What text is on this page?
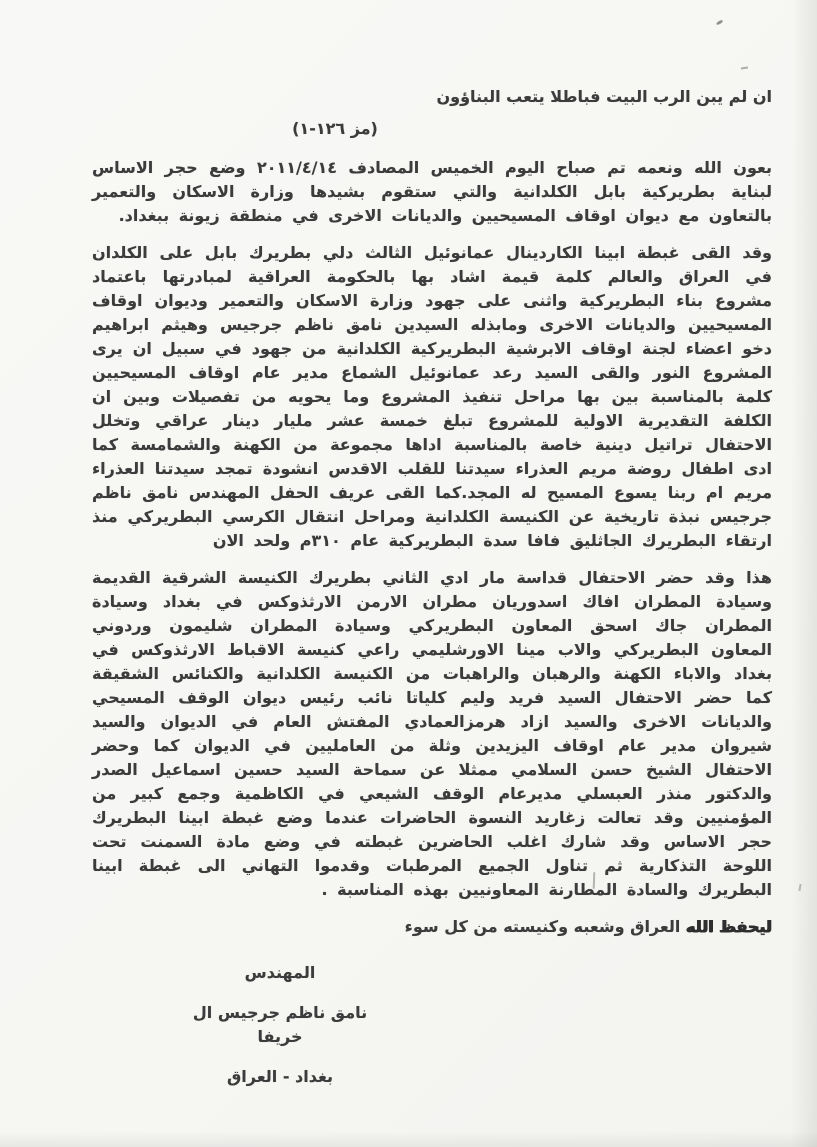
ان لم يبن الرب البيت فباطلا يتعب البناؤون
(مز ١٢٦-١)

بعون الله ونعمه تم صباح اليوم الخميس المصادف ٢٠١١/٤/١٤ وضع حجر الاساس لبناية بطريركية بابل الكلدانية والتي ستقوم بشيدها وزارة الاسكان والتعمير بالتعاون مع ديوان اوقاف المسيحيين والديانات الاخرى في منطقة زيونة ببغداد.

وقد القى غبطة ابينا الكاردينال عمانوئيل الثالث دلي بطريرك بابل على الكلدان في العراق والعالم كلمة قيمة اشاد بها بالحكومة العراقية لمبادرتها باعتماد مشروع بناء البطريركية واثنى على جهود وزارة الاسكان والتعمير وديوان اوقاف المسيحيين والديانات الاخرى ومابذله السيدين نامق ناظم جرجيس وهيثم ابراهيم دخو اعضاء لجنة اوقاف الابرشية البطريركية الكلدانية من جهود في سبيل ان يرى المشروع النور والقى السيد رعد عمانوئيل الشماع مدير عام اوقاف المسيحيين كلمة بالمناسبة بين بها مراحل تنفيذ المشروع وما يحويه من تفصيلات وبين ان الكلفة التقديرية الاولية للمشروع تبلغ خمسة عشر مليار دينار عراقي وتخلل الاحتفال تراتيل دينية خاصة بالمناسبة اداها مجموعة من الكهنة والشمامسة كما ادى اطفال روضة مريم العذراء سيدتنا للقلب الاقدس انشودة تمجد سيدتنا العذراء مريم ام ربنا يسوع المسيح له المجد.كما القى عريف الحفل المهندس نامق ناظم جرجيس نبذة تاريخية عن الكنيسة الكلدانية ومراحل انتقال الكرسي البطريركي منذ ارتقاء البطريرك الجاثليق فافا سدة البطريركية عام ٣١٠م ولحد الان

هذا وقد حضر الاحتفال قداسة مار ادي الثاني بطريرك الكنيسة الشرقية القديمة وسيادة المطران افاك اسدوريان مطران الارمن الارثذوكس في بغداد وسيادة المطران جاك اسحق المعاون البطريركي وسيادة المطران شليمون وردوني المعاون البطريركي والاب مينا الاورشليمي راعي كنيسة الاقباط الارثذوكس في بغداد والاباء الكهنة والرهبان والراهبات من الكنيسة الكلدانية والكنائس الشقيقة كما حضر الاحتفال السيد فريد وليم كلياتا نائب رئيس ديوان الوقف المسيحي والديانات الاخرى والسيد ازاد هرمزالعمادي المفتش العام في الديوان والسيد شيروان مدير عام اوقاف اليزيدين وثلة من العامليين في الديوان كما وحضر الاحتفال الشيخ حسن السلامي ممثلا عن سماحة السيد حسين اسماعيل الصدر والدكتور منذر العبسلي مديرعام الوقف الشيعي في الكاظمية وجمع كبير من المؤمنيين وقد تعالت زغاريد النسوة الحاضرات عندما وضع غبطة ابينا البطريرك حجر الاساس وقد شارك اغلب الحاضرين غبطته في وضع مادة السمنت تحت اللوحة التذكارية ثم تناول الجميع المرطبات وقدموا التهاني الى غبطة ابينا البطريرك والسادة المطارنة المعاونيين بهذه المناسبة .

ليحفظ الله العراق وشعبه وكنيسته من كل سوء
المهندس
نامق ناظم جرجيس ال خريفا
بغداد - العراق
